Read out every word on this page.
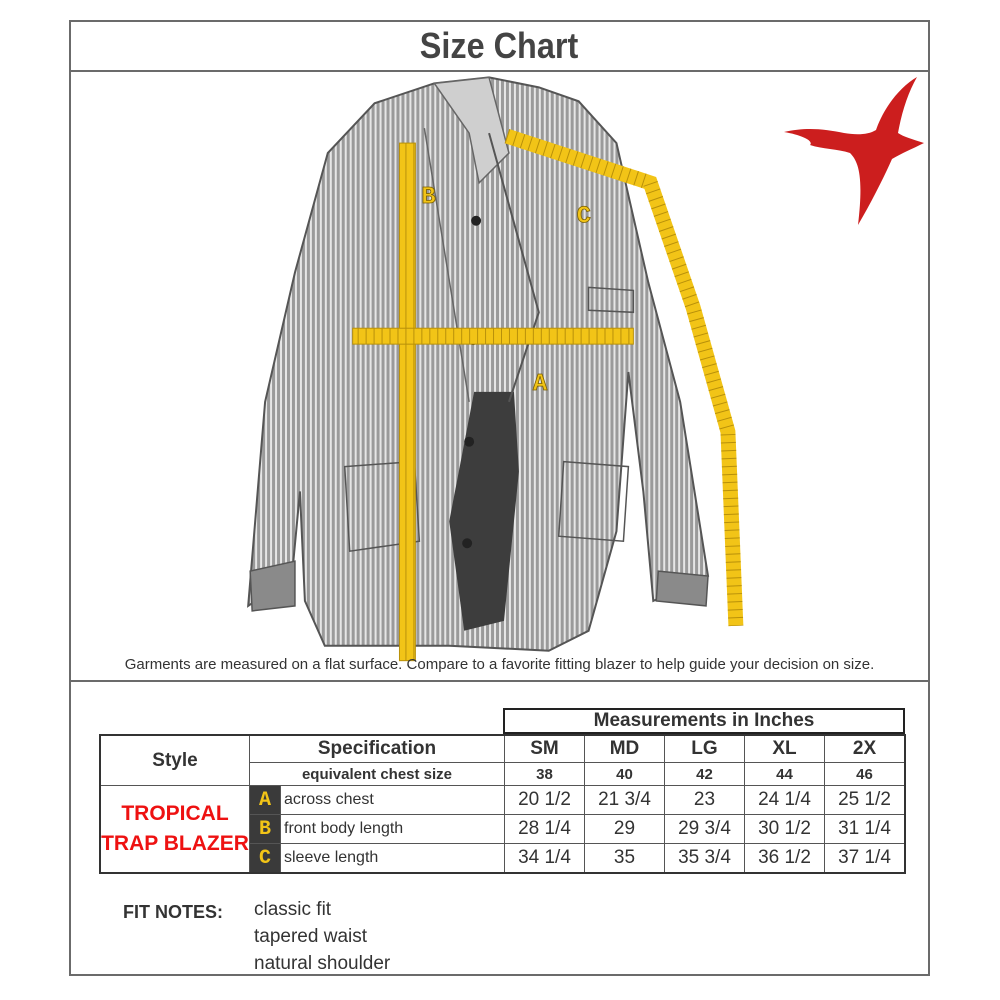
Size Chart
B
C
A
Garments are measured on a flat surface. Compare to a favorite fitting blazer to help guide your decision on size.
Measurements in Inches
Style	Specification		SM	MD	LG	XL	2X
	equivalent chest size		38	40	42	44	46

TROPICAL
TRAP BLAZER	A	across chest	20 1/2	21 3/4	23	24 1/4	25 1/2
	B	front body length	28 1/4	29	29 3/4	30 1/2	31 1/4
	C	sleeve length	34 1/4	35	35 3/4	36 1/2	37 1/4
FIT NOTES: classic fit
tapered waist
natural shoulder
